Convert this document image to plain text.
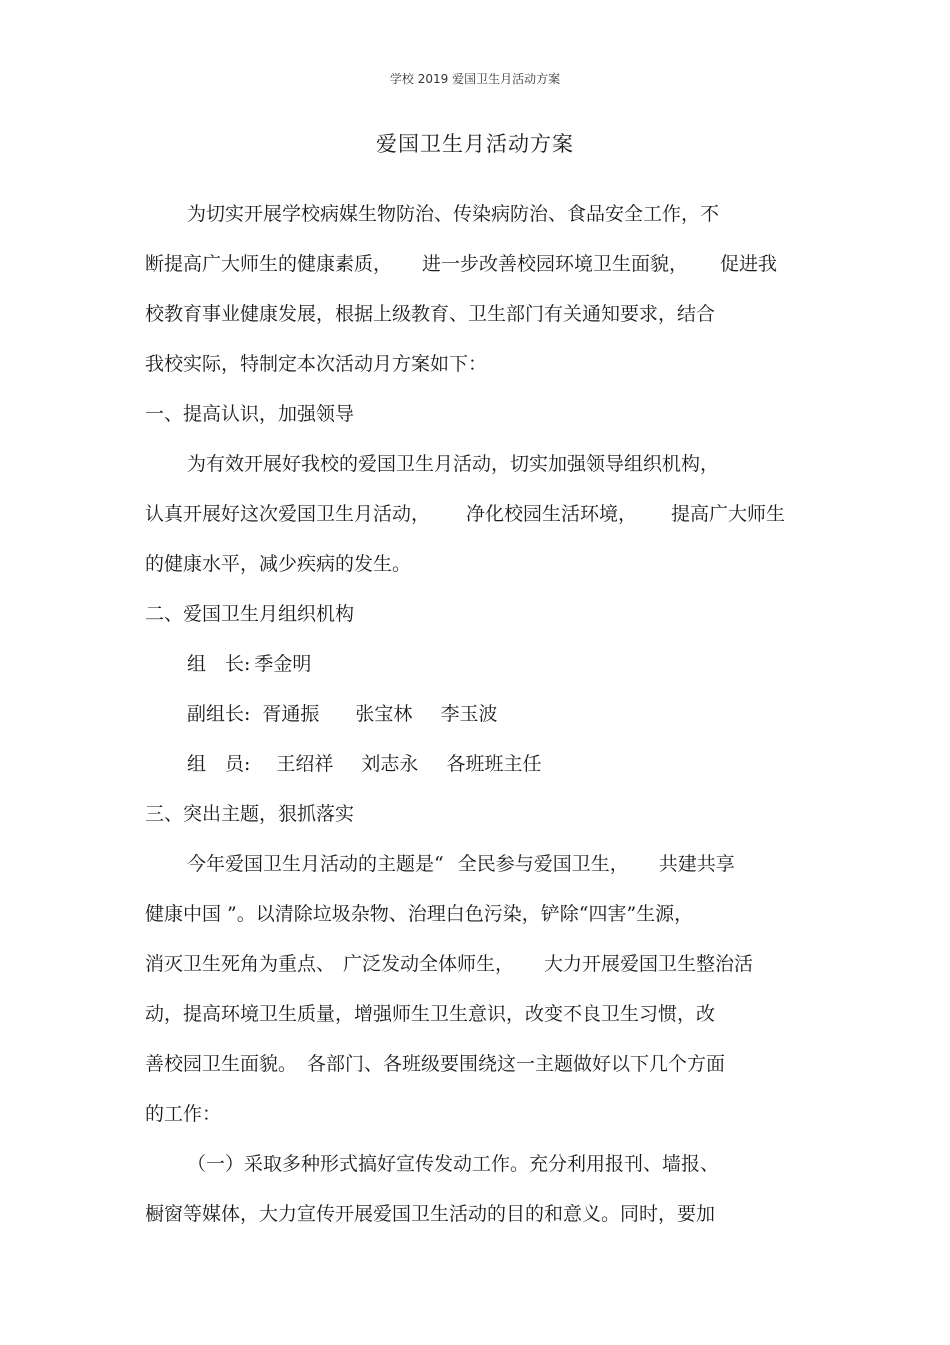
学校 2019 爱国卫生月活动方案
爱国卫生月活动方案
为切实开展学校病媒生物防治、传染病防治、食品安全工作，不
断提高广大师生的健康素质， 进一步改善校园环境卫生面貌， 促进我
校教育事业健康发展，根据上级教育、卫生部门有关通知要求，结合
我校实际，特制定本次活动月方案如下：
一、提高认识，加强领导
为有效开展好我校的爱国卫生月活动，切实加强领导组织机构，
认真开展好这次爱国卫生月活动， 净化校园生活环境， 提高广大师生
的健康水平，减少疾病的发生。
二、爱国卫生月组织机构
组　长: 季金明
副组长: 胥通振 张宝林 李玉波
组　员: 王绍祥 刘志永 各班班主任
三、突出主题，狠抓落实
今年爱国卫生月活动的主题是“ 全民参与爱国卫生， 共建共享
健康中国 ”。以清除垃圾杂物、治理白色污染，铲除“四害”生源，
消灭卫生死角为重点、 广泛发动全体师生， 大力开展爱国卫生整治活
动，提高环境卫生质量，增强师生卫生意识，改变不良卫生习惯，改
善校园卫生面貌。 各部门、各班级要围绕这一主题做好以下几个方面
的工作：
（一）采取多种形式搞好宣传发动工作。充分利用报刊、墙报、
橱窗等媒体，大力宣传开展爱国卫生活动的目的和意义。同时，要加
